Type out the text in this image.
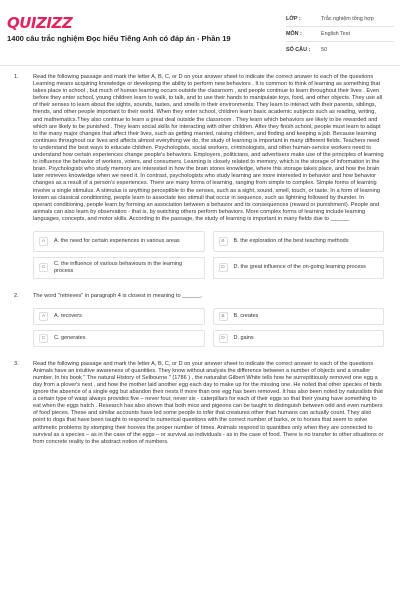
QUIZIZZ
1400 câu trắc nghiệm Đọc hiểu Tiếng Anh có đáp án - Phần 19
LỚP :	Trắc nghiệm tổng hợp
MÔN :	English Test
SỐ CÂU :	50
1.	Read the following passage and mark the letter A, B, C, or D on your answer sheet to indicate the correct answer to each of the questions Learning means acquiring knowledge or developing the ability to perform new behaviors . It is common to think of learning as something that takes place in school , but much of human learning occurs outside the classroom , and people continue to learn throughout their lives . Even before they enter school, young children learn to walk, to talk, and to use their hands to manipulate toys, food, and other objects. They use all of their senses to learn about the sights, sounds, tastes, and smells in their environments. They learn to interact with their parents, siblings, friends, and other people important to their world. When they enter school, children learn basic academic subjects such as reading, writing, and mathematics.They also continue to learn a great deal outside the classroom . They learn which behaviors are likely to be rewarded and which are likely to be punished . They learn social skills for interacting with other children. After they finish school, people must learn to adapt to the many major changes that affect their lives, such as getting married, raising children, and finding and keeping a job. Because learning continues throughout our lives and affects almost everything we do, the study of learning is important in many different fields. Teachers need to understand the best ways to educate children. Psychologists, social workers, criminologists, and other human-service workers need to understand how certain experiences change people's behaviors. Employers, politicians, and advertisers make use of the principles of learning to influence the behavior of workers, voters, and consumers. Learning is closely related to memory, which is the storage of information in the brain. Psychologists who study memory are interested in how the brain stores knowledge, where this storage takes place, and how the brain later retrieves knowledge when we need it. In contrast, psychologists who study learning are more interested in behavior and how behavior changes as a result of a person's experiences. There are many forms of learning, ranging from simple to complex. Simple forms of learning involve a single stimulus. A stimulus is anything perceptible to the senses, such as a sight, sound, smell, touch, or taste. In a form of learning known as classical conditioning, people learn to associate two stimuli that occur in sequence, such as lightning followed by thunder. In operant conditioning, people learn by forming an association between a behavior and its consequences (reward or punishment). People and animals can also learn by observation - that is, by watching others perform behaviors. More complex forms of learning include learning languages, concepts, and motor skills. According to the passage, the study of learning is important in many fields due to ______

A	A. the need for certain experiences in various areas	B	B. the exploration of the best teaching methods
C
C. the influence of various behaviours in the learning process	D	D. the great influence of the on-going learning process
2.	The word "retrieves" in paragraph 4 is closest in meaning to ______.

A	A. recovers	B	B. creates
C	C. generates	D	D. gains
3.	Read the following passage and mark the letter A, B, C, or D on your answer sheet to indicate the correct answer to each of the questions Animals have an intuitive awareness of quantities. They know without analysis the difference between a number of objects and a smaller number. In his book " The natural History of Selbourne " (1786 ) , the naturalist Gilbert White tells how he surreptitiously removed one egg a day from a plover's nest , and how the mother laid another egg each day to make up for the missing one. He noted that other species of birds ignore the absence of a single egg but abandon their nests if more than one egg has been removed. It has also been noted by naturalists that a certain type of wasp always provides five – never four, never six - caterpillars for each of their eggs so that their young have something to eat when the eggs hatch . Research has also shown that both mice and pigeons can be taught to distinguish between odd and even numbers of food pieces. These and similar accounts have led some people to infer that creatures other than humans can actually count. They also point to dogs that have been taught to respond to numerical questions with the correct number of barks, or to horses that seem to solve arithmetic problems by stomping their hooves the proper number of times. Animals respond to quantities only when they are connected to survival as a species – as in the case of the eggs – or survival as individuals - as in the case of food. There is no transfer to other situations or from concrete reality to the abstract notion of numbers.
